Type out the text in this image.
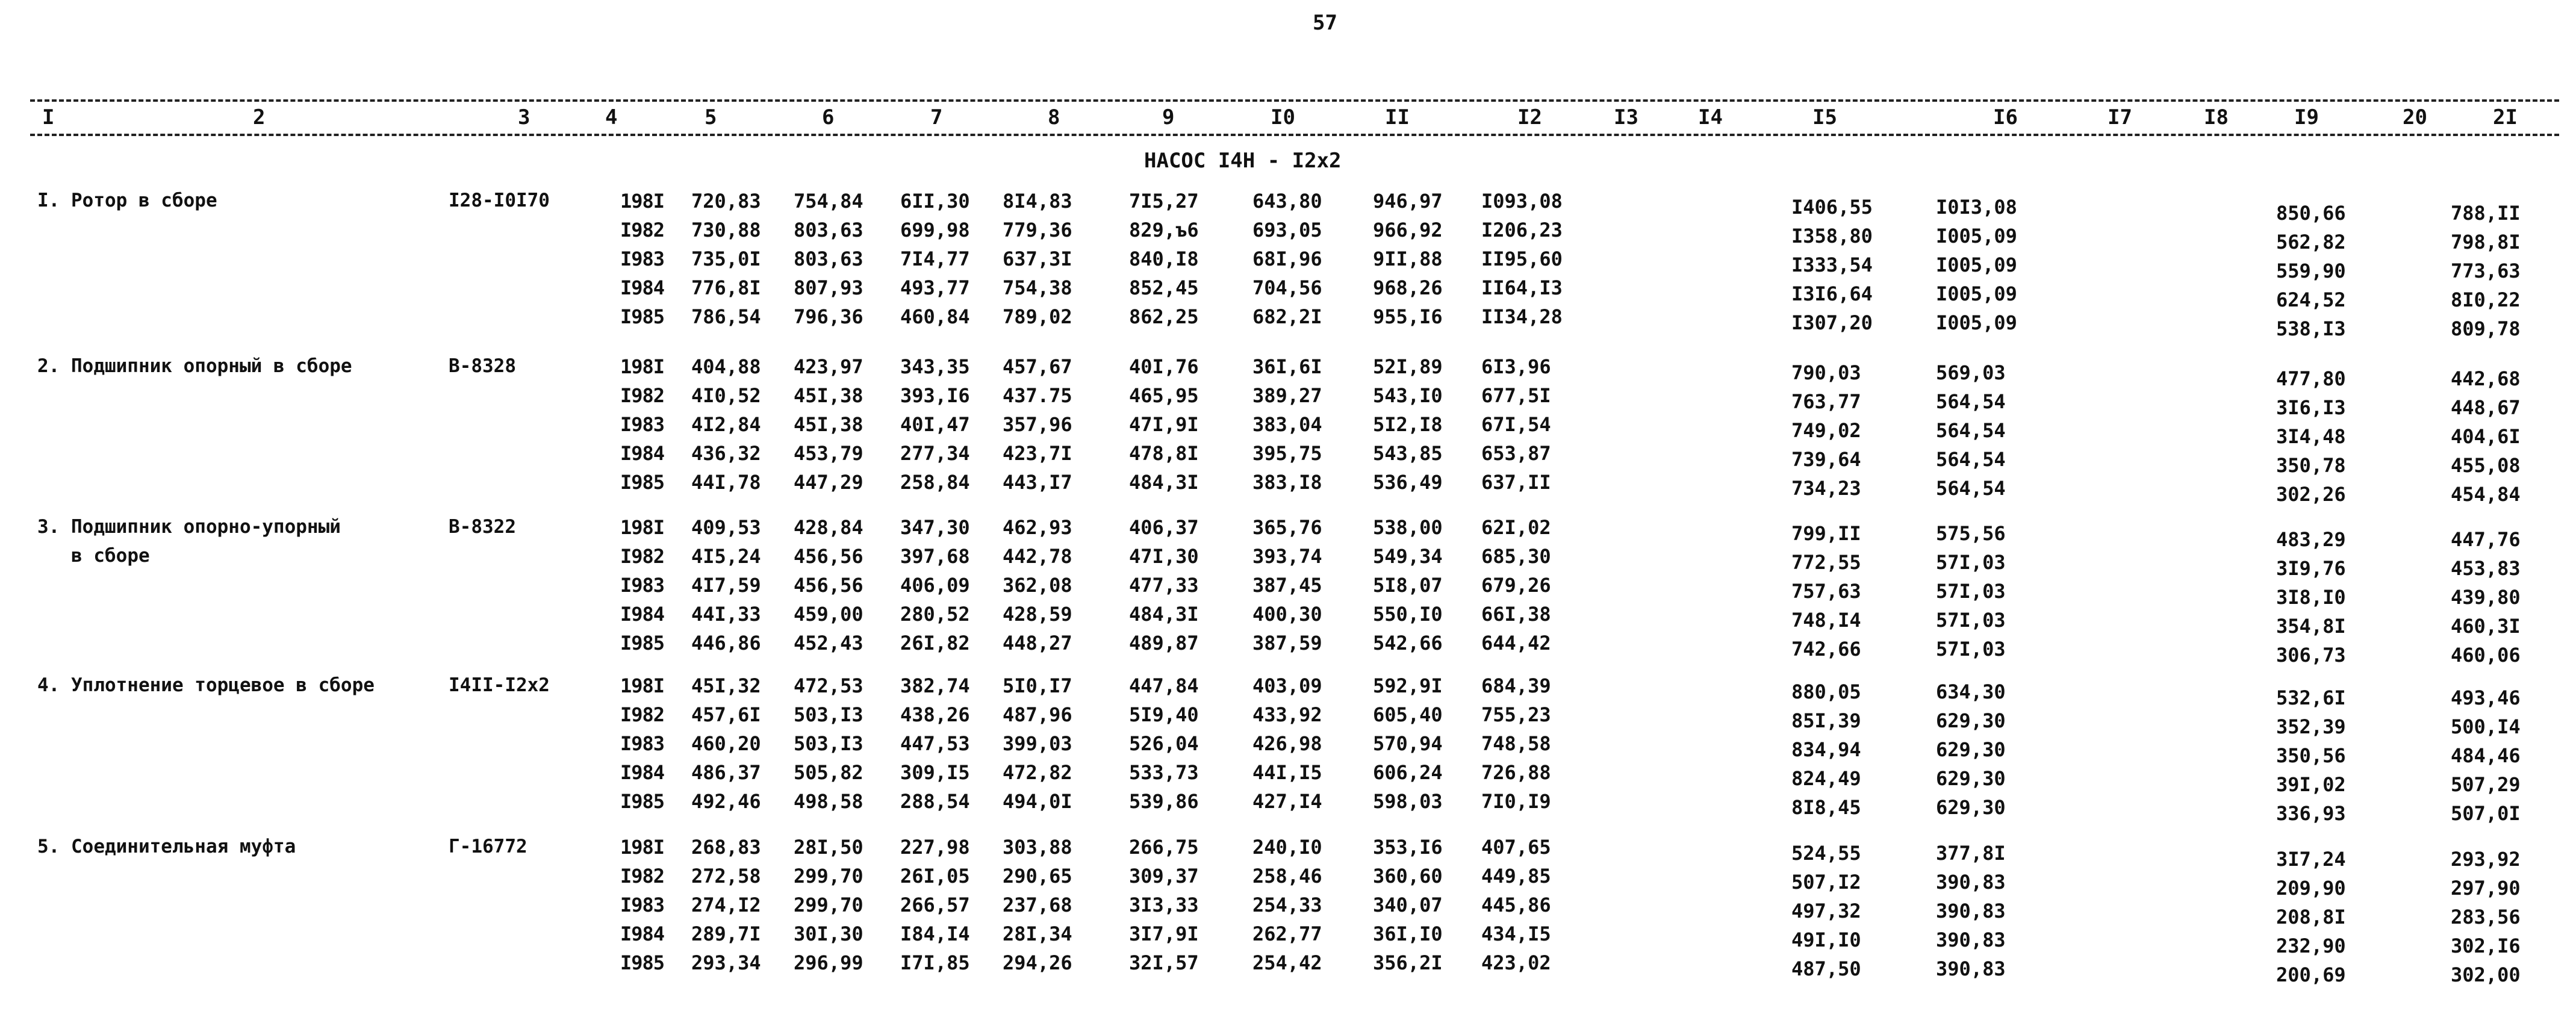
57
I	2	3	4	5	6	7	8	9	I0	II	I2	I3	I4	I5	I6	I7	I8	I9	20	2I
НАСОС I4H - I2x2
I. Ротор в сборе	I28-I0I70	198I 720,83 754,84 6II,30 8I4,83	7I5,27	643,80	946,97 I093,08	I406,55	I0I3,08	850,66	788,II
I982 730,88 803,63 699,98 779,36	829,ъ6	693,05	966,92 I206,23	I358,80	I005,09	562,82	798,8I
I983 735,0I 803,63 7I4,77 637,3I	840,I8	68I,96	9II,88 II95,60	I333,54	I005,09	559,90	773,63
I984 776,8I 807,93 493,77 754,38	852,45	704,56	968,26 II64,I3	I3I6,64	I005,09	624,52	8I0,22
I985 786,54 796,36 460,84 789,02	862,25	682,2I	955,I6 II34,28	I307,20	I005,09	538,I3	809,78
2. Подшипник опорный в сборе	B-8328	198I 404,88 423,97 343,35 457,67	40I,76	36I,6I	52I,89 6I3,96	790,03	569,03	477,80	442,68
I982 4I0,52 45I,38 393,I6 437.75	465,95	389,27	543,I0 677,5I	763,77	564,54	3I6,I3	448,67
I983 4I2,84 45I,38 40I,47 357,96	47I,9I	383,04	5I2,I8 67I,54	749,02	564,54	3I4,48	404,6I
I984 436,32 453,79 277,34 423,7I	478,8I	395,75	543,85 653,87	739,64	564,54	350,78	455,08
I985 44I,78 447,29 258,84 443,I7	484,3I	383,I8	536,49 637,II	734,23	564,54	302,26	454,84
3. Подшипник опорно-упорный
в сборе
B-8322	198I 409,53 428,84 347,30 462,93	406,37	365,76	538,00 62I,02	799,II	575,56	483,29	447,76
I982 4I5,24 456,56 397,68 442,78	47I,30	393,74	549,34 685,30	772,55	57I,03	3I9,76	453,83
I983 4I7,59 456,56 406,09 362,08	477,33	387,45	5I8,07 679,26	757,63	57I,03	3I8,I0	439,80
I984 44I,33 459,00 280,52 428,59	484,3I	400,30	550,I0 66I,38	748,I4	57I,03	354,8I	460,3I
I985 446,86 452,43 26I,82 448,27	489,87	387,59	542,66 644,42	742,66	57I,03	306,73	460,06
4. Уплотнение торцевое в сборе	I4II-I2x2	198I 45I,32 472,53 382,74 5I0,I7	447,84	403,09	592,9I 684,39	880,05	634,30	532,6I	493,46
I982 457,6I 503,I3 438,26 487,96	5I9,40	433,92	605,40 755,23	85I,39	629,30	352,39	500,I4
I983 460,20 503,I3 447,53 399,03	526,04	426,98	570,94 748,58	834,94	629,30	350,56	484,46
I984 486,37 505,82 309,I5 472,82	533,73	44I,I5	606,24 726,88	824,49	629,30	39I,02	507,29
I985 492,46 498,58 288,54 494,0I	539,86	427,I4	598,03 7I0,I9	8I8,45	629,30	336,93	507,0I
5. Соединительная муфта	Г-16772	198I 268,83 28I,50 227,98 303,88	266,75	240,I0	353,I6 407,65	524,55	377,8I	3I7,24	293,92
I982 272,58 299,70 26I,05 290,65	309,37	258,46	360,60 449,85	507,I2	390,83	209,90	297,90
I983 274,I2 299,70 266,57 237,68	3I3,33	254,33	340,07 445,86	497,32	390,83	208,8I	283,56
I984 289,7I 30I,30 I84,I4 28I,34	3I7,9I	262,77	36I,I0 434,I5	49I,I0	390,83	232,90	302,I6
I985 293,34 296,99 I7I,85 294,26	32I,57	254,42	356,2I 423,02	487,50	390,83	200,69	302,00
